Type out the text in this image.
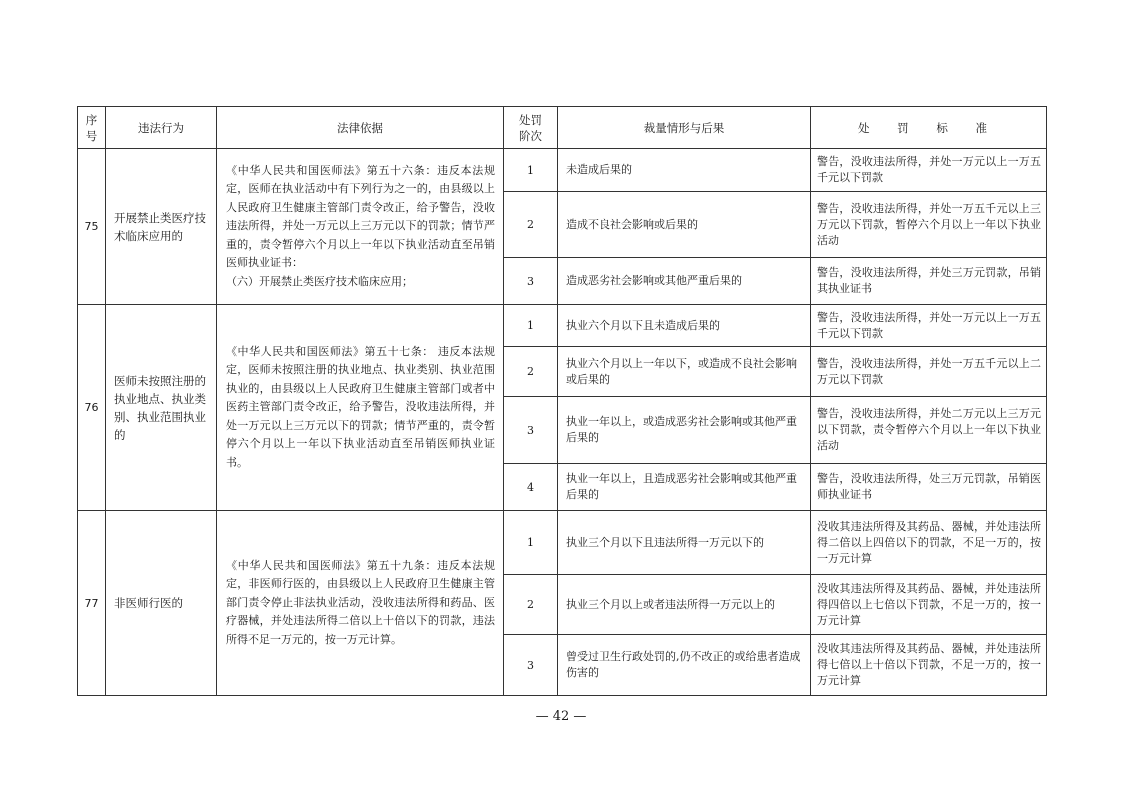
序
号	违法行为	法律依据	处罚
阶次	裁量情形与后果	处 罚 标 准
75	开展禁止类医疗技术临床应用的	《中华人民共和国医师法》第五十六条：违反本法规定，医师在执业活动中有下列行为之一的，由县级以上人民政府卫生健康主管部门责令改正，给予警告，没收违法所得，并处一万元以上三万元以下的罚款；情节严重的，责令暂停六个月以上一年以下执业活动直至吊销医师执业证书：
（六）开展禁止类医疗技术临床应用；	1	未造成后果的	警告，没收违法所得，并处一万元以上一万五千元以下罚款
			2	造成不良社会影响或后果的	警告，没收违法所得，并处一万五千元以上三万元以下罚款，暂停六个月以上一年以下执业活动
			3	造成恶劣社会影响或其他严重后果的	警告，没收违法所得，并处三万元罚款，吊销其执业证书
76	医师未按照注册的执业地点、执业类别、执业范围执业的	《中华人民共和国医师法》第五十七条： 违反本法规定，医师未按照注册的执业地点、执业类别、执业范围执业的，由县级以上人民政府卫生健康主管部门或者中医药主管部门责令改正，给予警告，没收违法所得，并处一万元以上三万元以下的罚款；情节严重的，责令暂停六个月以上一年以下执业活动直至吊销医师执业证书。	1	执业六个月以下且未造成后果的	警告，没收违法所得，并处一万元以上一万五千元以下罚款
			2	执业六个月以上一年以下，或造成不良社会影响或后果的	警告，没收违法所得，并处一万五千元以上二万元以下罚款
			3	执业一年以上，或造成恶劣社会影响或其他严重后果的	警告，没收违法所得，并处二万元以上三万元以下罚款，责令暂停六个月以上一年以下执业活动
			4	执业一年以上，且造成恶劣社会影响或其他严重后果的	警告，没收违法所得，处三万元罚款，吊销医师执业证书
77	非医师行医的	《中华人民共和国医师法》第五十九条：违反本法规定，非医师行医的，由县级以上人民政府卫生健康主管部门责令停止非法执业活动，没收违法所得和药品、医疗器械，并处违法所得二倍以上十倍以下的罚款，违法所得不足一万元的，按一万元计算。	1	执业三个月以下且违法所得一万元以下的	没收其违法所得及其药品、器械，并处违法所得二倍以上四倍以下的罚款，不足一万的，按一万元计算
			2	执业三个月以上或者违法所得一万元以上的	没收其违法所得及其药品、器械，并处违法所得四倍以上七倍以下罚款，不足一万的，按一万元计算
			3	曾受过卫生行政处罚的,仍不改正的或给患者造成伤害的	没收其违法所得及其药品、器械，并处违法所得七倍以上十倍以下罚款，不足一万的，按一万元计算
— 42 —
